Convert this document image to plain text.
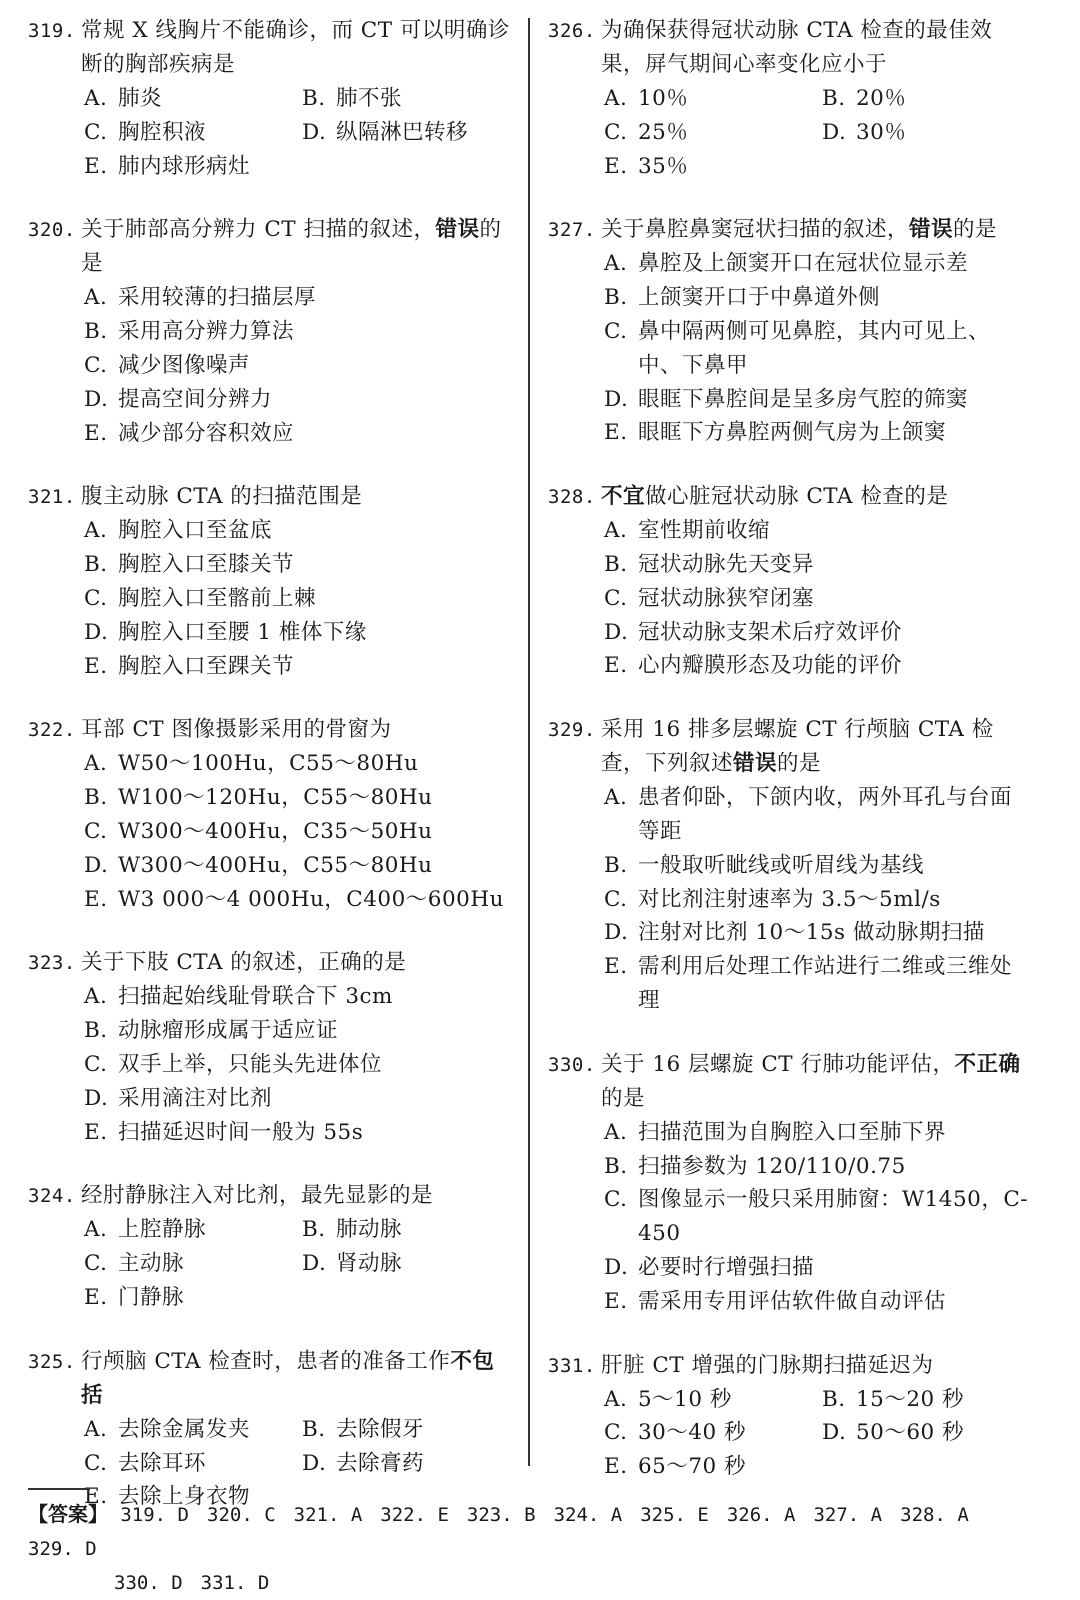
319. 常规 X 线胸片不能确诊，而 CT 可以明确诊断的胸部疾病是
A. 肺炎	B. 肺不张
C. 胸腔积液	D. 纵隔淋巴转移
E. 肺内球形病灶
320. 关于肺部高分辨力 CT 扫描的叙述，错误的是
A. 采用较薄的扫描层厚
B. 采用高分辨力算法
C. 减少图像噪声
D. 提高空间分辨力
E. 减少部分容积效应
321. 腹主动脉 CTA 的扫描范围是
A. 胸腔入口至盆底
B. 胸腔入口至膝关节
C. 胸腔入口至髂前上棘
D. 胸腔入口至腰 1 椎体下缘
E. 胸腔入口至踝关节
322. 耳部 CT 图像摄影采用的骨窗为
A. W50～100Hu，C55～80Hu
B. W100～120Hu，C55～80Hu
C. W300～400Hu，C35～50Hu
D. W300～400Hu，C55～80Hu
E. W3 000～4 000Hu，C400～600Hu
323. 关于下肢 CTA 的叙述，正确的是
A. 扫描起始线耻骨联合下 3cm
B. 动脉瘤形成属于适应证
C. 双手上举，只能头先进体位
D. 采用滴注对比剂
E. 扫描延迟时间一般为 55s
324. 经肘静脉注入对比剂，最先显影的是
A. 上腔静脉	B. 肺动脉
C. 主动脉	D. 肾动脉
E. 门静脉
325. 行颅脑 CTA 检查时，患者的准备工作不包括
A. 去除金属发夹	B. 去除假牙
C. 去除耳环	D. 去除膏药
E. 去除上身衣物
326. 为确保获得冠状动脉 CTA 检查的最佳效果，屏气期间心率变化应小于
A. 10％	B. 20％
C. 25％	D. 30％
E. 35％
327. 关于鼻腔鼻窦冠状扫描的叙述，错误的是
A. 鼻腔及上颌窦开口在冠状位显示差
B. 上颌窦开口于中鼻道外侧
C. 鼻中隔两侧可见鼻腔，其内可见上、中、下鼻甲
D. 眼眶下鼻腔间是呈多房气腔的筛窦
E. 眼眶下方鼻腔两侧气房为上颌窦
328. 不宜做心脏冠状动脉 CTA 检查的是
A. 室性期前收缩
B. 冠状动脉先天变异
C. 冠状动脉狭窄闭塞
D. 冠状动脉支架术后疗效评价
E. 心内瓣膜形态及功能的评价
329. 采用 16 排多层螺旋 CT 行颅脑 CTA 检查，下列叙述错误的是
A. 患者仰卧，下颌内收，两外耳孔与台面等距
B. 一般取听眦线或听眉线为基线
C. 对比剂注射速率为 3.5～5ml/s
D. 注射对比剂 10～15s 做动脉期扫描
E. 需利用后处理工作站进行二维或三维处理
330. 关于 16 层螺旋 CT 行肺功能评估，不正确的是
A. 扫描范围为自胸腔入口至肺下界
B. 扫描参数为 120/110/0.75
C. 图像显示一般只采用肺窗：W1450，C-450
D. 必要时行增强扫描
E. 需采用专用评估软件做自动评估
331. 肝脏 CT 增强的门脉期扫描延迟为
A. 5～10 秒	B. 15～20 秒
C. 30～40 秒	D. 50～60 秒
E. 65～70 秒
【答案】 319. D 320. C 321. A 322. E 323. B 324. A 325. E 326. A 327. A 328. A329. D
330. D 331. D
